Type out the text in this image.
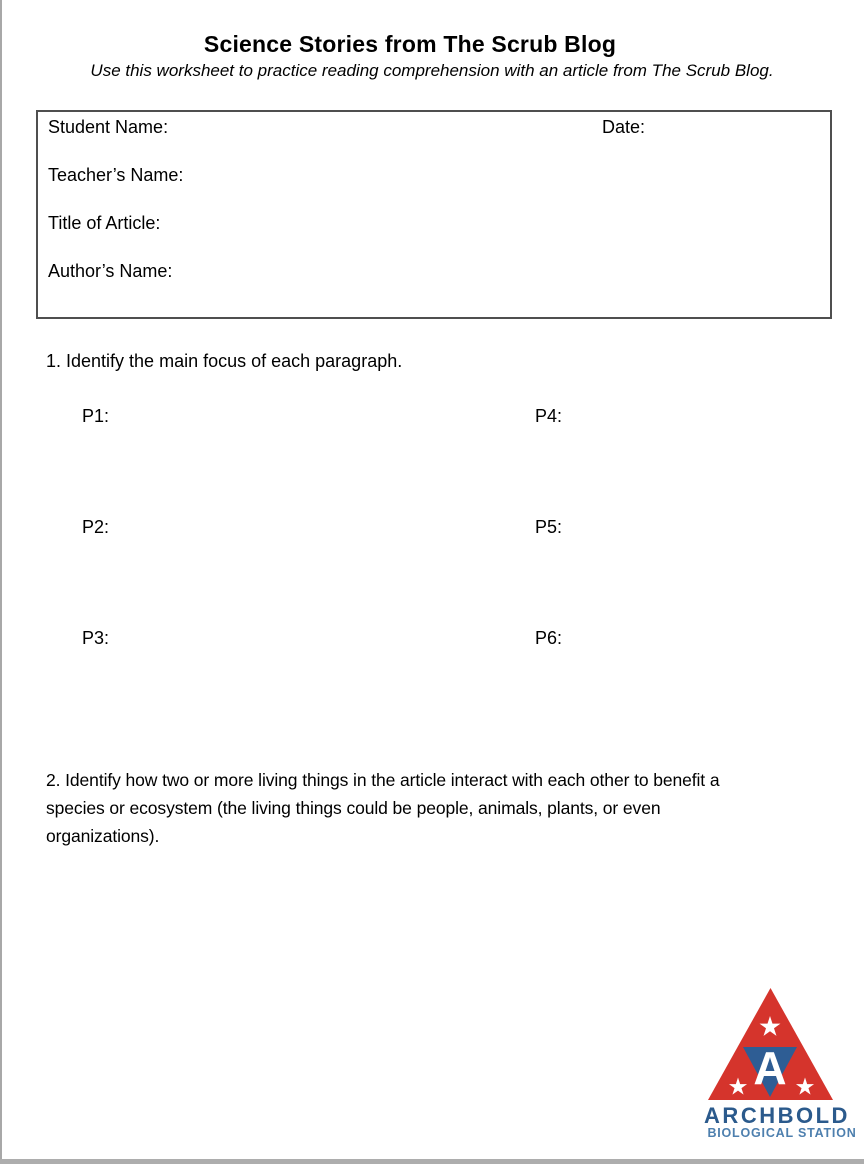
Science Stories from The Scrub Blog
Use this worksheet to practice reading comprehension with an article from The Scrub Blog.
Student Name:	Date:
Teacher’s Name:
Title of Article:
Author’s Name:
1. Identify the main focus of each paragraph.
P1:
P2:
P3:
P4:
P5:
P6:
2. Identify how two or more living things in the article interact with each other to benefit a
species or ecosystem (the living things could be people, animals, plants, or even
organizations).
A
ARCHBOLD
BIOLOGICAL STATION
